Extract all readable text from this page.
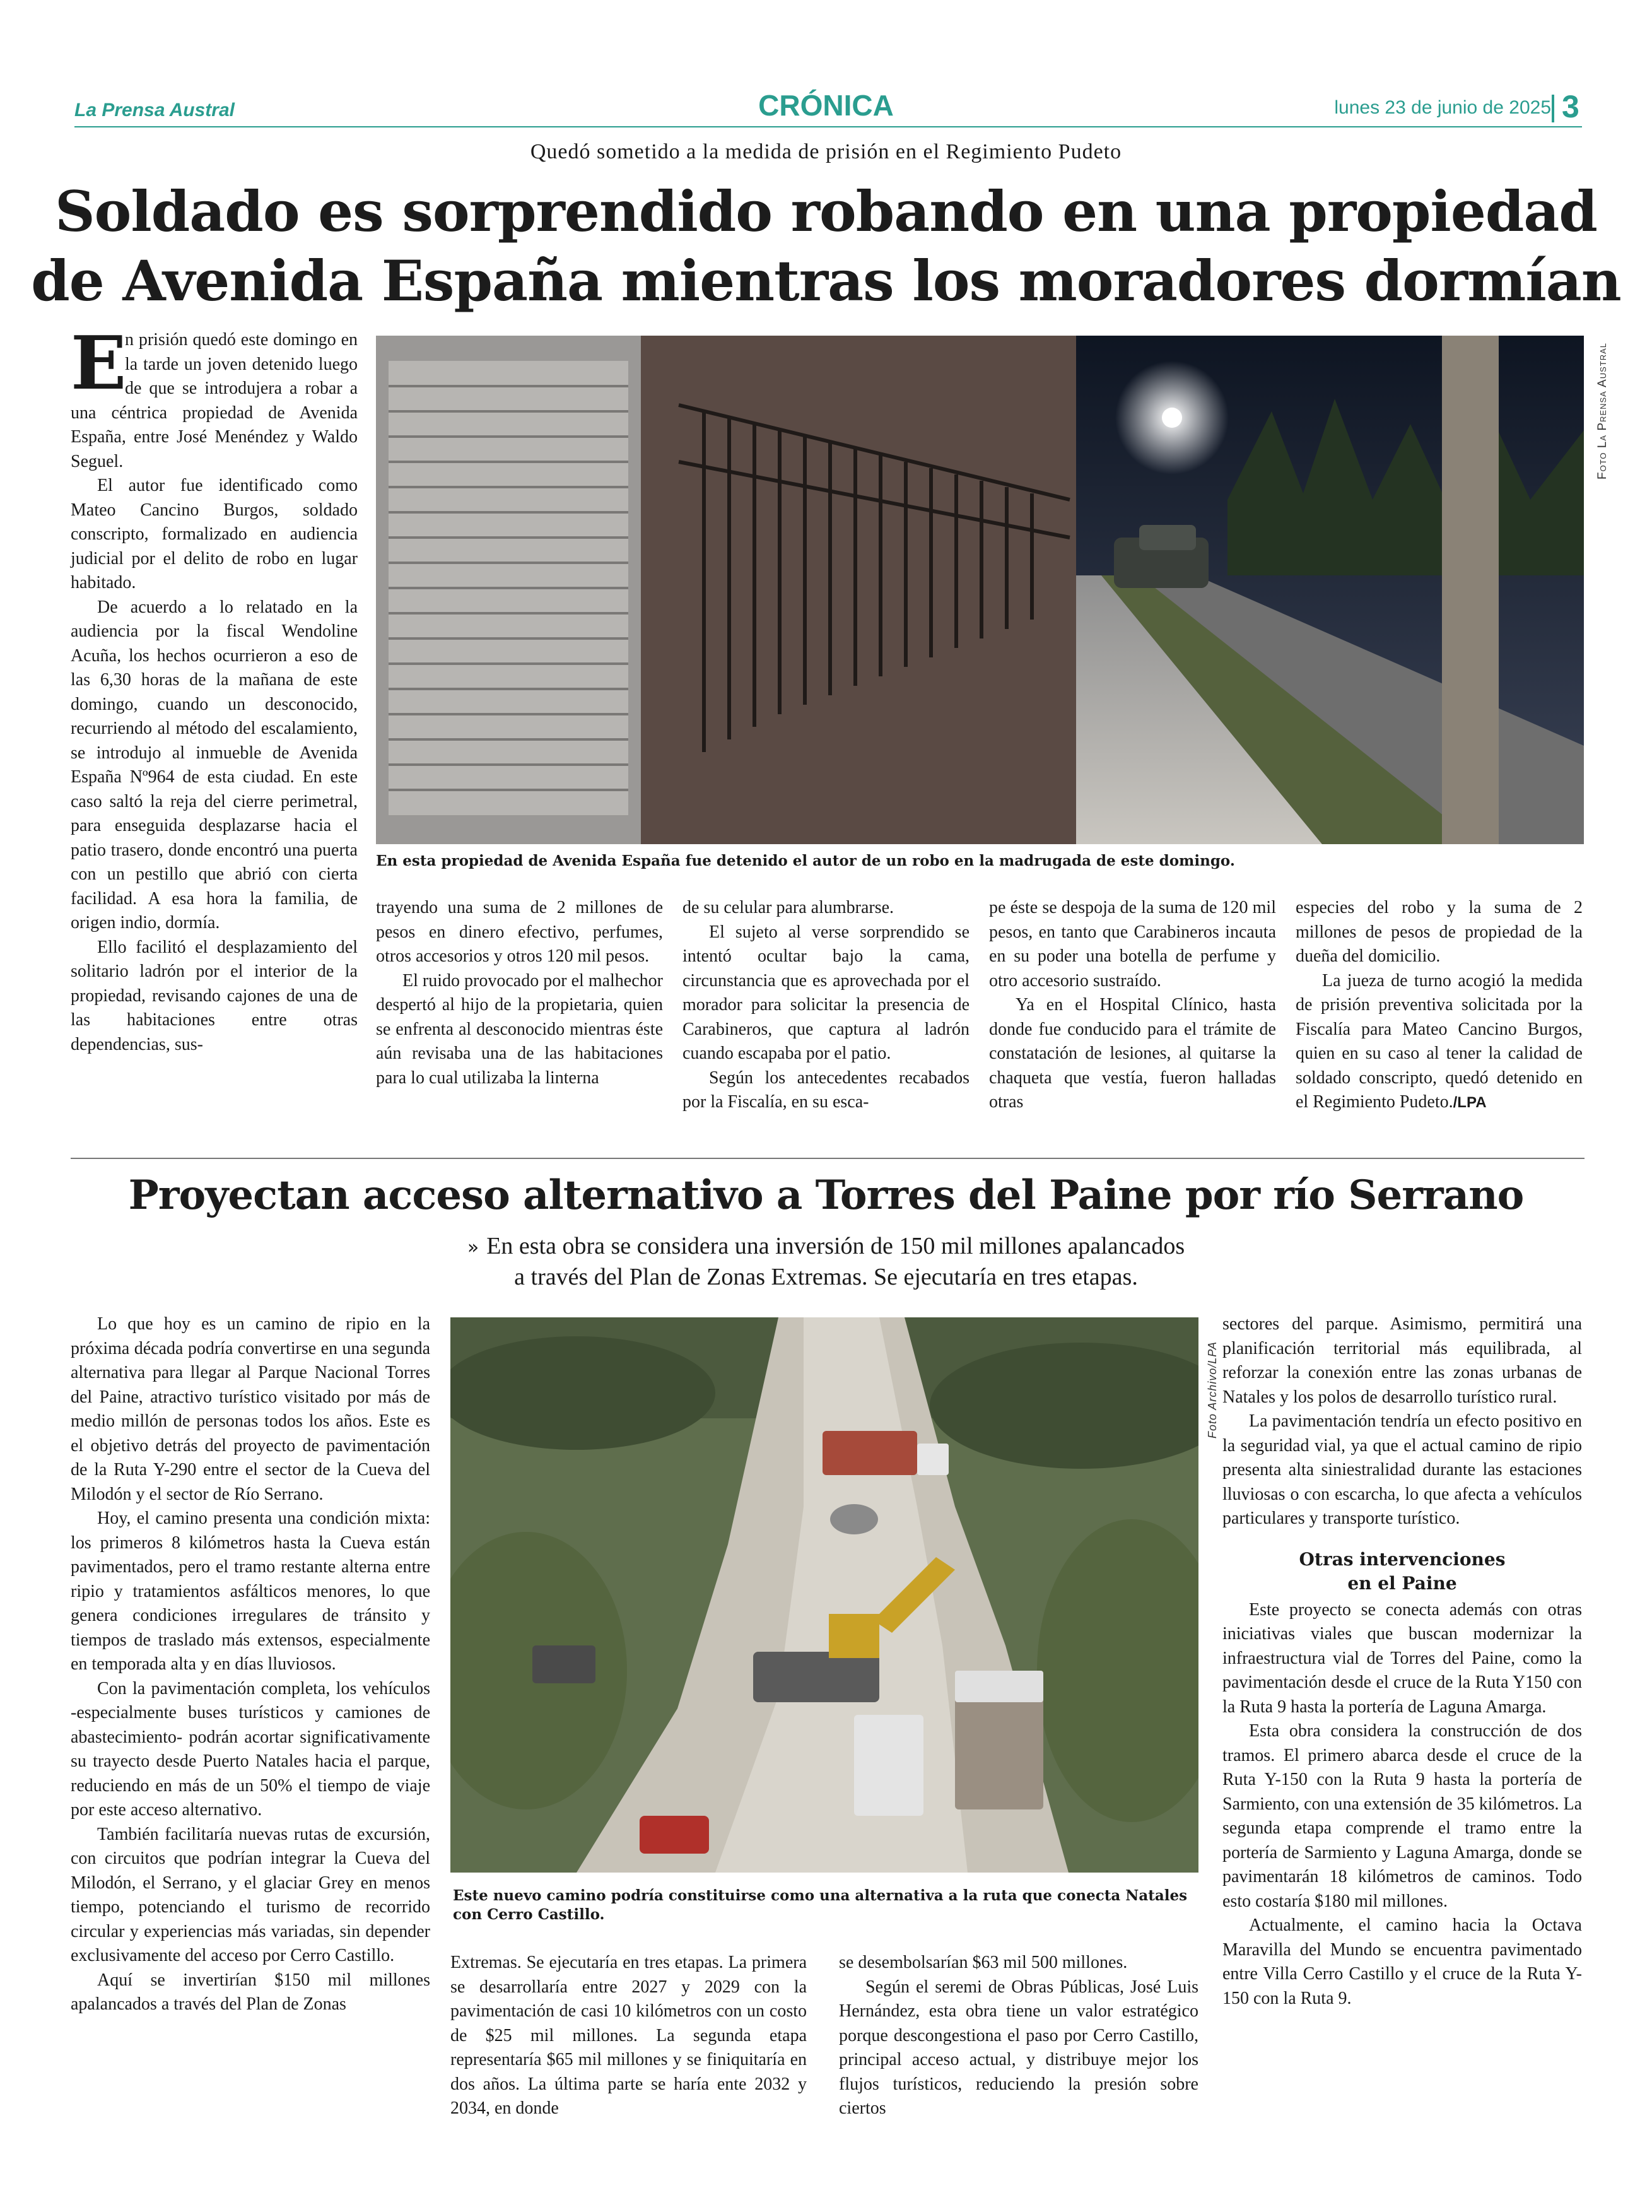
La Prensa Austral	CRÓNICA	lunes 23 de junio de 2025 3
Quedó sometido a la medida de prisión en el Regimiento Pudeto
Soldado es sorprendido robando en una propiedad
de Avenida España mientras los moradores dormían
Foto La Prensa Austral
En esta propiedad de Avenida España fue detenido el autor de un robo en la madrugada de este domingo.
E

n prisión quedó este domingo en la tarde un joven detenido luego de que se introdujera a robar a una céntrica propiedad de Avenida España, entre José Menéndez y Waldo Seguel.

El autor fue identificado como Mateo Cancino Burgos, soldado conscripto, formalizado en audiencia judicial por el delito de robo en lugar habitado.

De acuerdo a lo relatado en la audiencia por la fiscal Wendoline Acuña, los hechos ocurrieron a eso de las 6,30 horas de la mañana de este domingo, cuando un desconocido, recurriendo al método del escalamiento, se introdujo al inmueble de Avenida España Nº964 de esta ciudad. En este caso saltó la reja del cierre perimetral, para enseguida desplazarse hacia el patio trasero, donde encontró una puerta con un pestillo que abrió con cierta facilidad. A esa hora la familia, de origen indio, dormía.

Ello facilitó el desplazamiento del solitario ladrón por el interior de la propiedad, revisando cajones de una de las habitaciones entre otras dependencias, sus-

trayendo una suma de 2 millones de pesos en dinero efectivo, perfumes, otros accesorios y otros 120 mil pesos.

El ruido provocado por el malhechor despertó al hijo de la propietaria, quien se enfrenta al desconocido mientras éste aún revisaba una de las habitaciones para lo cual utilizaba la linterna

de su celular para alumbrarse.

El sujeto al verse sorprendido se intentó ocultar bajo la cama, circunstancia que es aprovechada por el morador para solicitar la presencia de Carabineros, que captura al ladrón cuando escapaba por el patio.

Según los antecedentes recabados por la Fiscalía, en su esca-

pe éste se despoja de la suma de 120 mil pesos, en tanto que Carabineros incauta en su poder una botella de perfume y otro accesorio sustraído.

Ya en el Hospital Clínico, hasta donde fue conducido para el trámite de constatación de lesiones, al quitarse la chaqueta que vestía, fueron halladas otras

especies del robo y la suma de 2 millones de pesos de propiedad de la dueña del domicilio.

La jueza de turno acogió la medida de prisión preventiva solicitada por la Fiscalía para Mateo Cancino Burgos, quien en su caso al tener la calidad de soldado conscripto, quedó detenido en el Regimiento Pudeto./LPA

Proyectan acceso alternativo a Torres del Paine por río Serrano
» En esta obra se considera una inversión de 150 mil millones apalancados
a través del Plan de Zonas Extremas. Se ejecutaría en tres etapas.

Lo que hoy es un camino de ripio en la próxima década podría convertirse en una segunda alternativa para llegar al Parque Nacional Torres del Paine, atractivo turístico visitado por más de medio millón de personas todos los años. Este es el objetivo detrás del proyecto de pavimentación de la Ruta Y-290 entre el sector de la Cueva del Milodón y el sector de Río Serrano.

Hoy, el camino presenta una condición mixta: los primeros 8 kilómetros hasta la Cueva están pavimentados, pero el tramo restante alterna entre ripio y tratamientos asfálticos menores, lo que genera condiciones irregulares de tránsito y tiempos de traslado más extensos, especialmente en temporada alta y en días lluviosos.

Con la pavimentación completa, los vehículos -especialmente buses turísticos y camiones de abastecimiento- podrán acortar significativamente su trayecto desde Puerto Natales hacia el parque, reduciendo en más de un 50% el tiempo de viaje por este acceso alternativo.

También facilitaría nuevas rutas de excursión, con circuitos que podrían integrar la Cueva del Milodón, el Serrano, y el glaciar Grey en menos tiempo, potenciando el turismo de recorrido circular y experiencias más variadas, sin depender exclusivamente del acceso por Cerro Castillo.

Aquí se invertirían $150 mil millones apalancados a través del Plan de Zonas

Foto Archivo/LPA
Este nuevo camino podría constituirse como una alternativa a la ruta que conecta Natales con Cerro Castillo.

Extremas. Se ejecutaría en tres etapas. La primera se desarrollaría entre 2027 y 2029 con la pavimentación de casi 10 kilómetros con un costo de $25 mil millones. La segunda etapa representaría $65 mil millones y se finiquitaría en dos años. La última parte se haría ente 2032 y 2034, en donde

se desembolsarían $63 mil 500 millones.

Según el seremi de Obras Públicas, José Luis Hernández, esta obra tiene un valor estratégico porque descongestiona el paso por Cerro Castillo, principal acceso actual, y distribuye mejor los flujos turísticos, reduciendo la presión sobre ciertos

sectores del parque. Asimismo, permitirá una planificación territorial más equilibrada, al reforzar la conexión entre las zonas urbanas de Natales y los polos de desarrollo turístico rural.

La pavimentación tendría un efecto positivo en la seguridad vial, ya que el actual camino de ripio presenta alta siniestralidad durante las estaciones lluviosas o con escarcha, lo que afecta a vehículos particulares y transporte turístico.

Otras intervenciones
en el Paine

Este proyecto se conecta además con otras iniciativas viales que buscan modernizar la infraestructura vial de Torres del Paine, como la pavimentación desde el cruce de la Ruta Y150 con la Ruta 9 hasta la portería de Laguna Amarga.

Esta obra considera la construcción de dos tramos. El primero abarca desde el cruce de la Ruta Y-150 con la Ruta 9 hasta la portería de Sarmiento, con una extensión de 35 kilómetros. La segunda etapa comprende el tramo entre la portería de Sarmiento y Laguna Amarga, donde se pavimentarán 18 kilómetros de caminos. Todo esto costaría $180 mil millones.

Actualmente, el camino hacia la Octava Maravilla del Mundo se encuentra pavimentado entre Villa Cerro Castillo y el cruce de la Ruta Y-150 con la Ruta 9.
